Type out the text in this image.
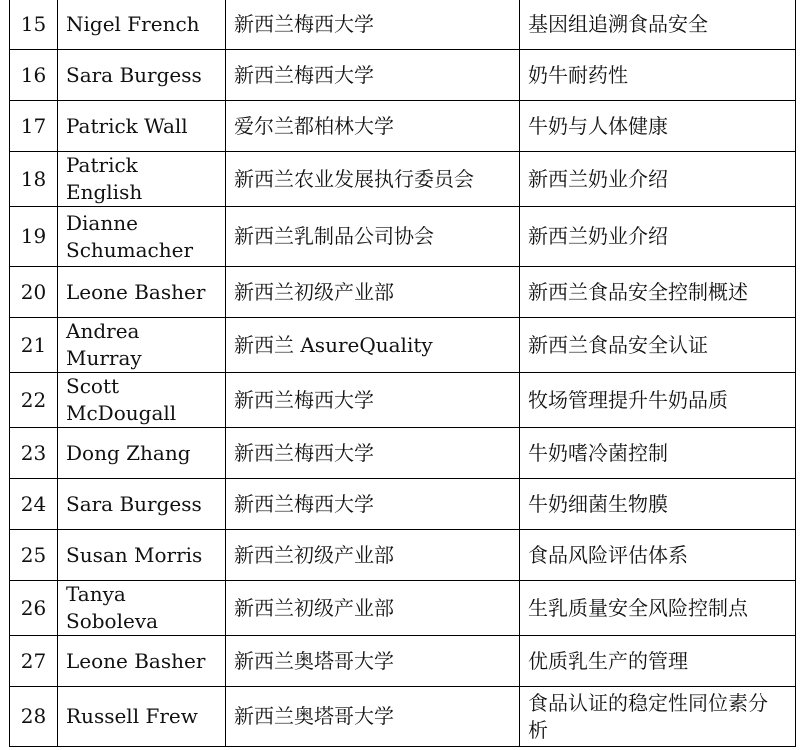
15	Nigel French	新西兰梅西大学	基因组追溯食品安全
16	Sara Burgess	新西兰梅西大学	奶牛耐药性
17	Patrick Wall	爱尔兰都柏林大学	牛奶与人体健康
18	Patrick English	新西兰农业发展执行委员会	新西兰奶业介绍
19	Dianne Schumacher	新西兰乳制品公司协会	新西兰奶业介绍
20	Leone Basher	新西兰初级产业部	新西兰食品安全控制概述
21	Andrea Murray	新西兰 AsureQuality	新西兰食品安全认证
22	Scott McDougall	新西兰梅西大学	牧场管理提升牛奶品质
23	Dong Zhang	新西兰梅西大学	牛奶嗜冷菌控制
24	Sara Burgess	新西兰梅西大学	牛奶细菌生物膜
25	Susan Morris	新西兰初级产业部	食品风险评估体系
26	Tanya Soboleva	新西兰初级产业部	生乳质量安全风险控制点
27	Leone Basher	新西兰奥塔哥大学	优质乳生产的管理
28	Russell Frew	新西兰奥塔哥大学	食品认证的稳定性同位素分析
